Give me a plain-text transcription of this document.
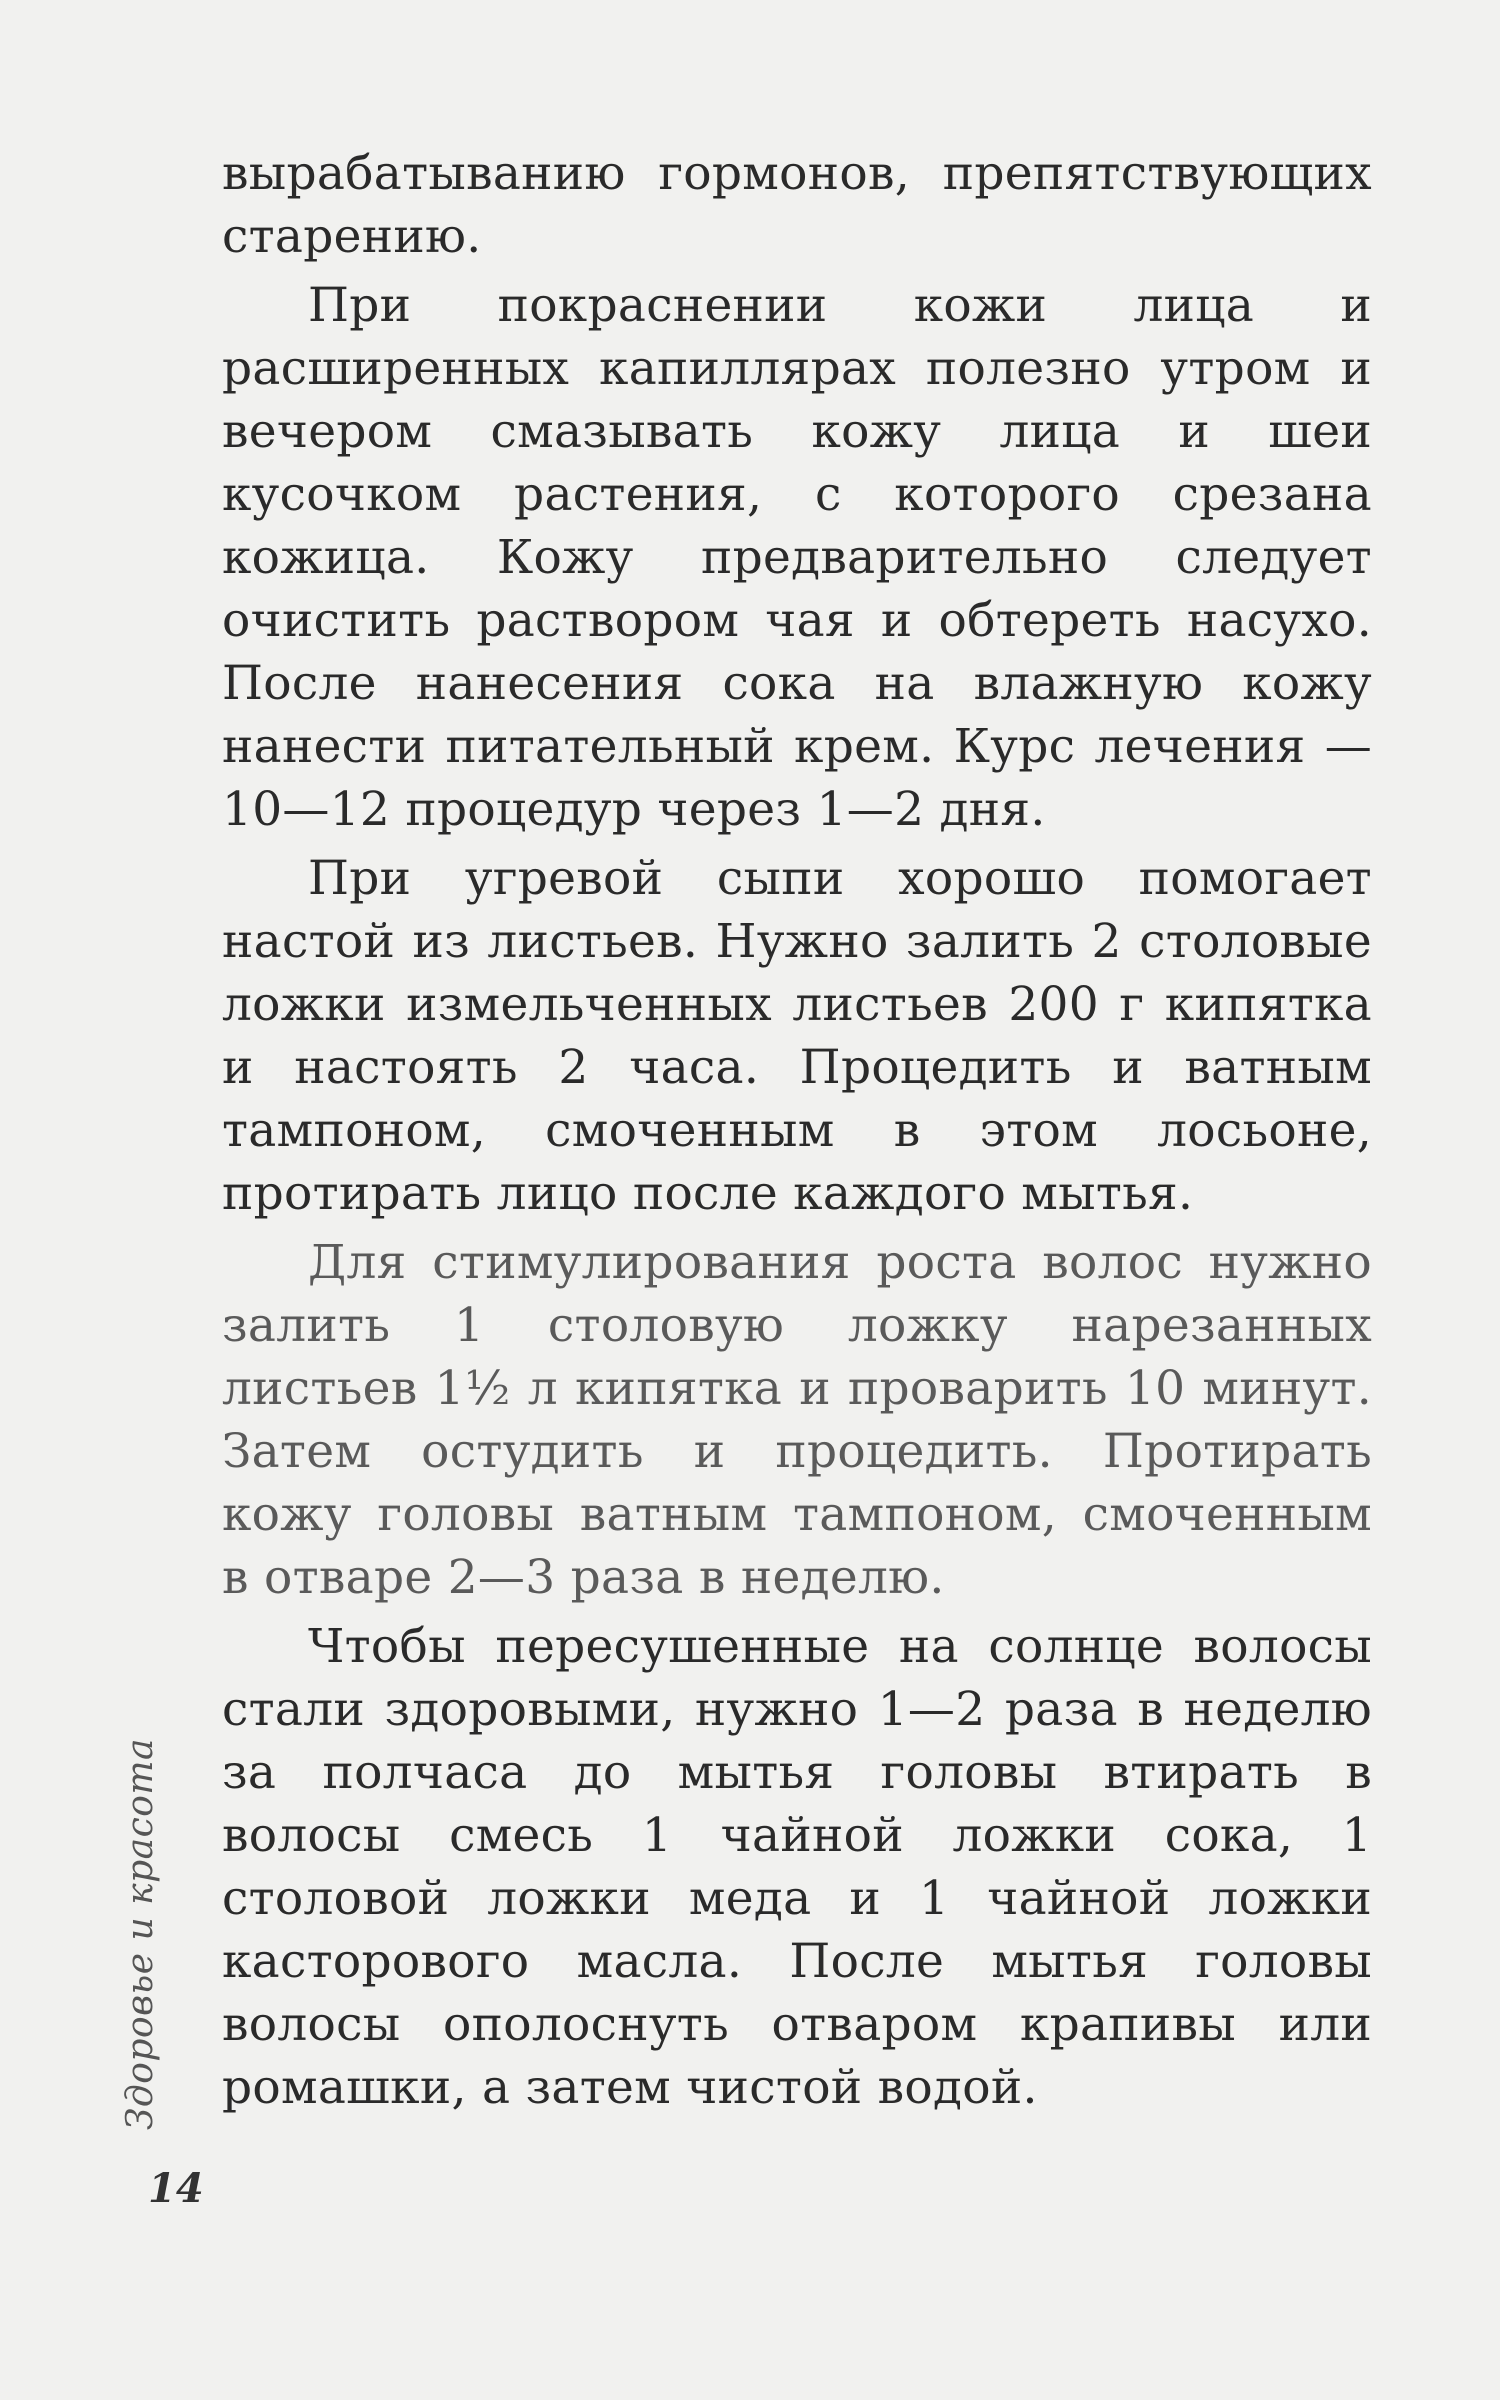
вырабатыванию гормонов, препятствующих старению.

При покраснении кожи лица и расширенных капиллярах полезно утром и вечером смазывать кожу лица и шеи кусочком растения, с которого срезана кожица. Кожу предварительно следует очистить раствором чая и обтереть насухо. После нанесения сока на влажную кожу нанести питательный крем. Курс лечения — 10—12 процедур через 1—2 дня.

При угревой сыпи хорошо помогает настой из листьев. Нужно залить 2 столовые ложки измельченных листьев 200 г кипятка и настоять 2 часа. Процедить и ватным тампоном, смоченным в этом лосьоне, протирать лицо после каждого мытья.

Для стимулирования роста волос нужно залить 1 столовую ложку нарезанных листьев 1½ л кипятка и проварить 10 минут. Затем остудить и процедить. Протирать кожу головы ватным тампоном, смоченным в отваре 2—3 раза в неделю.

Чтобы пересушенные на солнце волосы стали здоровыми, нужно 1—2 раза в неделю за полчаса до мытья головы втирать в волосы смесь 1 чайной ложки сока, 1 столовой ложки меда и 1 чайной ложки касторового масла. После мытья головы волосы ополоснуть отваром крапивы или ромашки, а затем чистой водой.

Здоровье и красота
14
